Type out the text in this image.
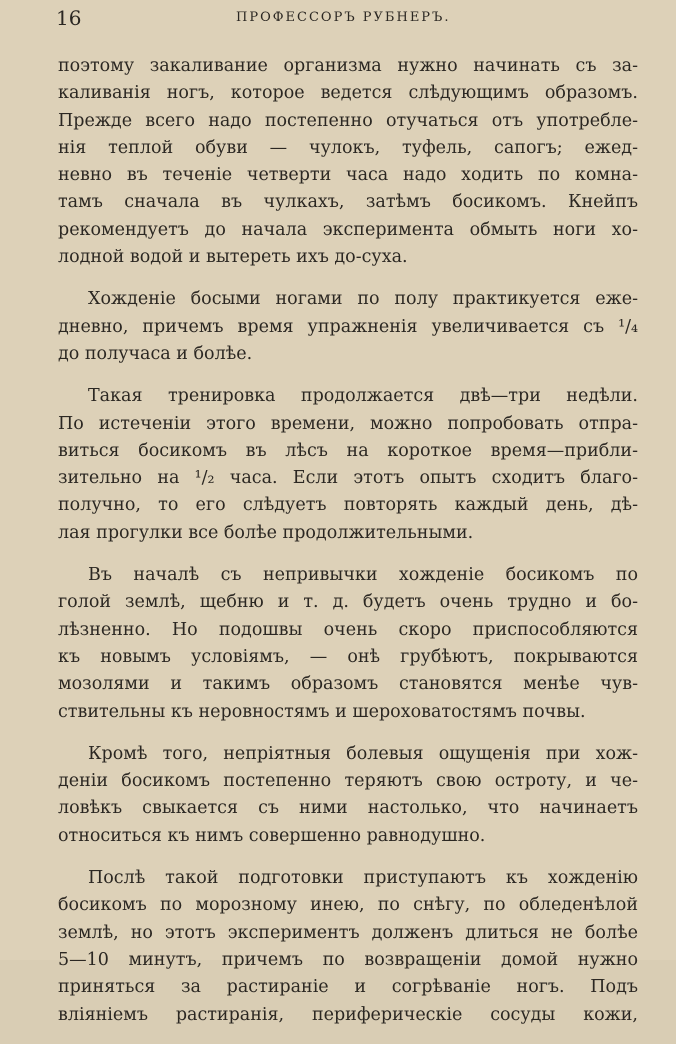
16	ПРОФЕССОРЪ РУБНЕРЪ.

поэтому закаливание организма нужно начинать съ за-
каливанія ногъ, которое ведется слѣдующимъ образомъ.
Прежде всего надо постепенно отучаться отъ употребле-
нія теплой обуви — чулокъ, туфель, сапогъ; ежед-
невно въ теченіе четверти часа надо ходить по комна-
тамъ сначала въ чулкахъ, затѣмъ босикомъ. Кнейпъ
рекомендуетъ до начала эксперимента обмыть ноги хо-
лодной водой и вытереть ихъ до-суха.

Хожденіе босыми ногами по полу практикуется еже-
дневно, причемъ время упражненія увеличивается съ ¹/₄
до получаса и болѣе.

Такая тренировка продолжается двѣ—три недѣли.
По истеченіи этого времени, можно попробовать отпра-
виться босикомъ въ лѣсъ на короткое время—прибли-
зительно на ¹/₂ часа. Если этотъ опытъ сходитъ благо-
получно, то его слѣдуетъ повторять каждый день, дѣ-
лая прогулки все болѣе продолжительными.

Въ началѣ съ непривычки хожденіе босикомъ по
голой землѣ, щебню и т. д. будетъ очень трудно и бо-
лѣзненно. Но подошвы очень скоро приспособляются
къ новымъ условіямъ, — онѣ грубѣютъ, покрываются
мозолями и такимъ образомъ становятся менѣе чув-
ствительны къ неровностямъ и шероховатостямъ почвы.

Кромѣ того, непріятныя болевыя ощущенія при хож-
деніи босикомъ постепенно теряютъ свою остроту, и че-
ловѣкъ свыкается съ ними настолько, что начинаетъ
относиться къ нимъ совершенно равнодушно.

Послѣ такой подготовки приступаютъ къ хожденію
босикомъ по морозному инею, по снѣгу, по обледенѣлой
землѣ, но этотъ экспериментъ долженъ длиться не болѣе
5—10 минутъ, причемъ по возвращеніи домой нужно
приняться за растираніе и согрѣваніе ногъ. Подъ
вліяніемъ растиранія, периферическіе сосуды кожи,
